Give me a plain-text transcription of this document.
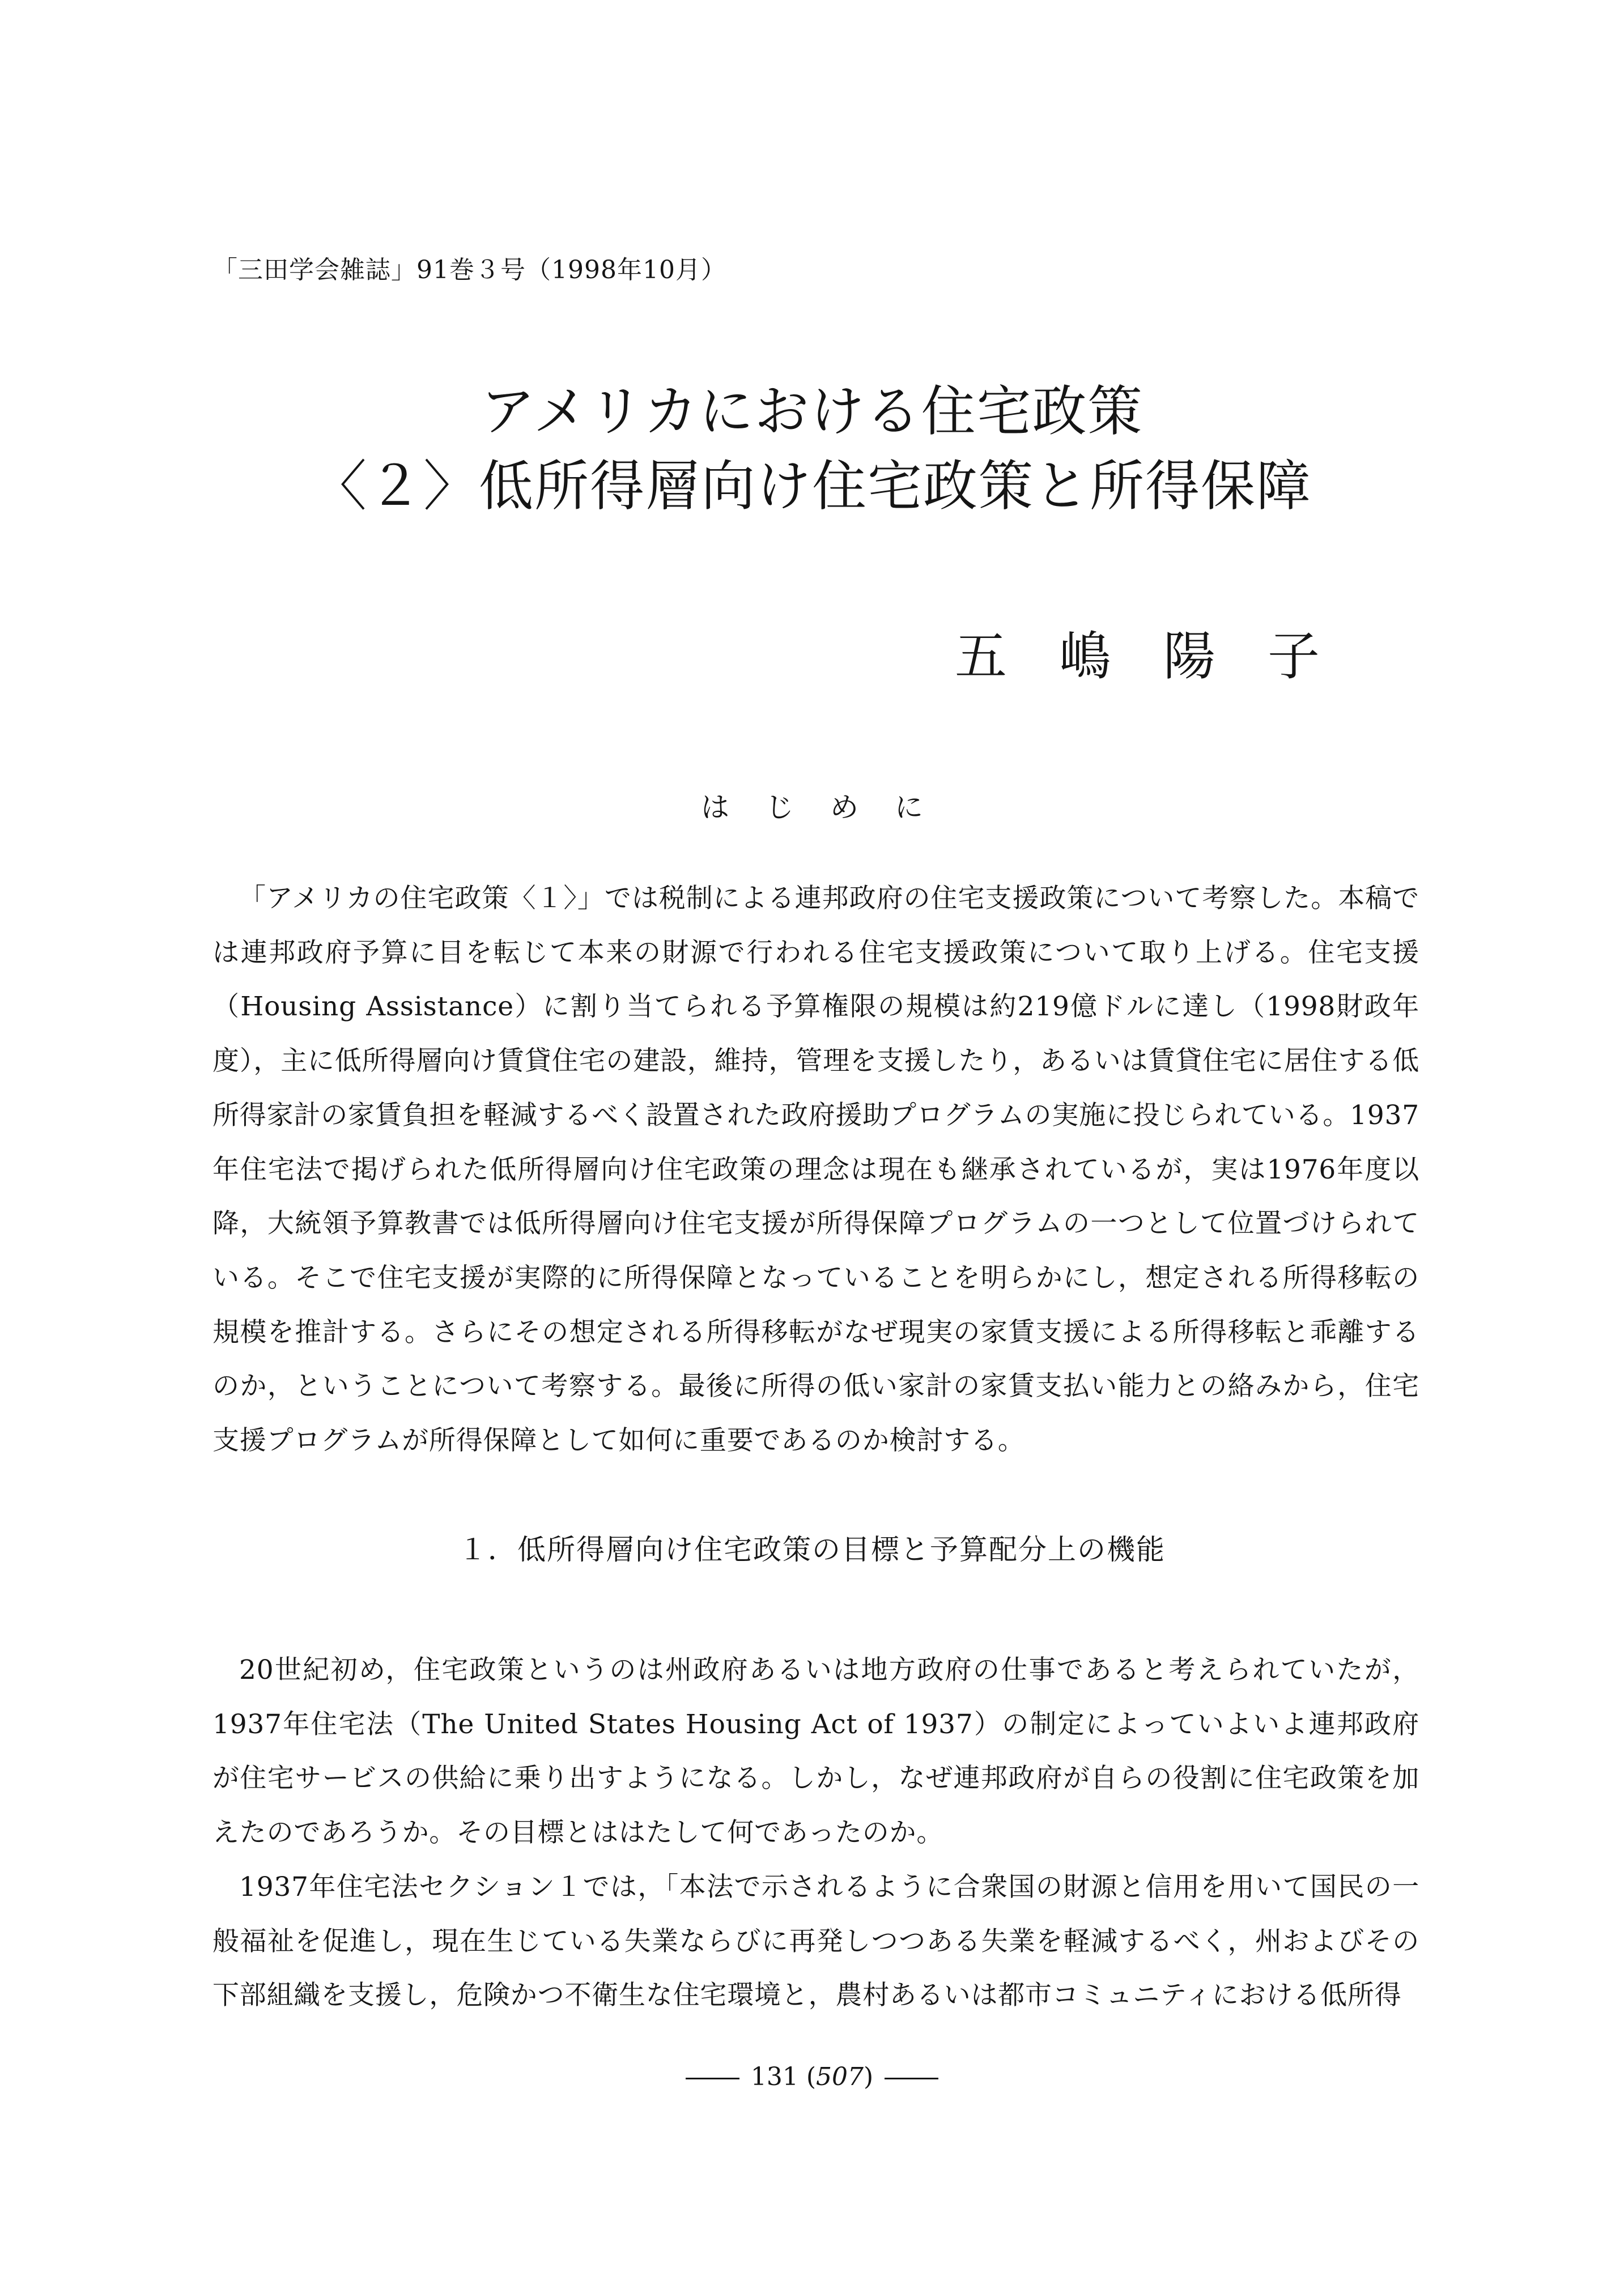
「三田学会雑誌」91巻３号（1998年10月）
アメリカにおける住宅政策
〈２〉低所得層向け住宅政策と所得保障
五嶋陽子
はじめに

「アメリカの住宅政策〈１〉」では税制による連邦政府の住宅支援政策について考察した。本稿では連邦政府予算に目を転じて本来の財源で行われる住宅支援政策について取り上げる。住宅支援（Housing Assistance）に割り当てられる予算権限の規模は約219億ドルに達し（1998財政年度），主に低所得層向け賃貸住宅の建設，維持，管理を支援したり，あるいは賃貸住宅に居住する低所得家計の家賃負担を軽減するべく設置された政府援助プログラムの実施に投じられている。1937年住宅法で掲げられた低所得層向け住宅政策の理念は現在も継承されているが，実は1976年度以降，大統領予算教書では低所得層向け住宅支援が所得保障プログラムの一つとして位置づけられている。そこで住宅支援が実際的に所得保障となっていることを明らかにし，想定される所得移転の規模を推計する。さらにその想定される所得移転がなぜ現実の家賃支援による所得移転と乖離するのか，ということについて考察する。最後に所得の低い家計の家賃支払い能力との絡みから，住宅支援プログラムが所得保障として如何に重要であるのか検討する。

１．低所得層向け住宅政策の目標と予算配分上の機能

20世紀初め，住宅政策というのは州政府あるいは地方政府の仕事であると考えられていたが，1937年住宅法（The United States Housing Act of 1937）の制定によっていよいよ連邦政府が住宅サービスの供給に乗り出すようになる。しかし，なぜ連邦政府が自らの役割に住宅政策を加えたのであろうか。その目標とははたして何であったのか。

1937年住宅法セクション１では，「本法で示されるように合衆国の財源と信用を用いて国民の一般福祉を促進し，現在生じている失業ならびに再発しつつある失業を軽減するべく，州およびその下部組織を支援し，危険かつ不衛生な住宅環境と，農村あるいは都市コミュニティにおける低所得

131 (507)
